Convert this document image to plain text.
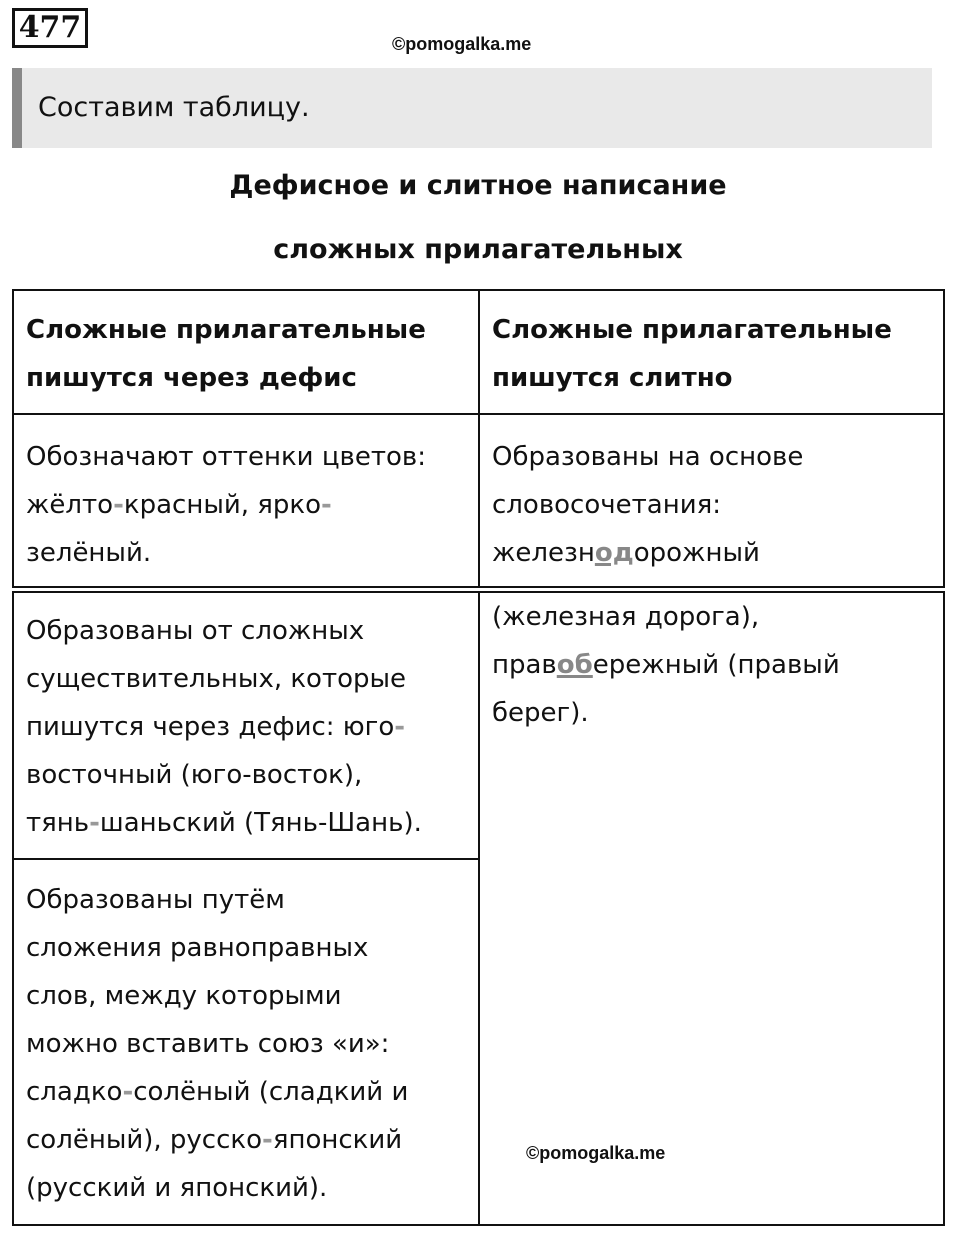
477	©pomogalka.me
Составим таблицу.
Дефисное и слитное написание
сложных прилагательных
Сложные прилагательные
пишутся через дефис
Сложные прилагательные
пишутся слитно
Обозначают оттенки цветов:
жёлто-красный, ярко-
зелёный.
Образованы на основе
словосочетания:
железнодорожный
Образованы от сложных
существительных, которые
пишутся через дефис: юго-
восточный (юго-восток),
тянь-шаньский (Тянь-Шань).
(железная дорога),
правобережный (правый
берег).
Образованы путём
сложения равноправных
слов, между которыми
можно вставить союз «и»:
сладко-солёный (сладкий и
солёный), русско-японский
(русский и японский).
©pomogalka.me
